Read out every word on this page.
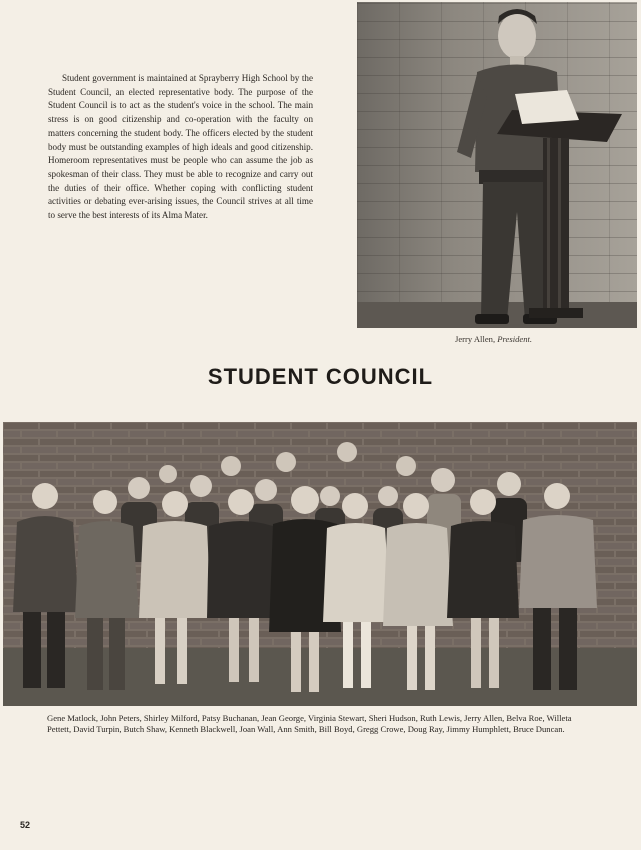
Student government is maintained at Sprayberry High School by the Student Council, an elected representative body. The purpose of the Student Council is to act as the student's voice in the school. The main stress is on good citizenship and co-operation with the faculty on matters concerning the student body. The officers elected by the student body must be outstanding examples of high ideals and good citizenship. Homeroom representatives must be people who can assume the job as spokesman of their class. They must be able to recognize and carry out the duties of their office. Whether coping with conflicting student activities or debating ever-arising issues, the Council strives at all time to serve the best interests of its Alma Mater.

Jerry Allen, President.
STUDENT COUNCIL

Gene Matlock, John Peters, Shirley Milford, Patsy Buchanan, Jean George, Virginia Stewart, Sheri Hudson, Ruth Lewis, Jerry Allen, Belva Roe, Willeta Pettett, David Turpin, Butch Shaw, Kenneth Blackwell, Joan Wall, Ann Smith, Bill Boyd, Gregg Crowe, Doug Ray, Jimmy Humphlett, Bruce Duncan.

52
